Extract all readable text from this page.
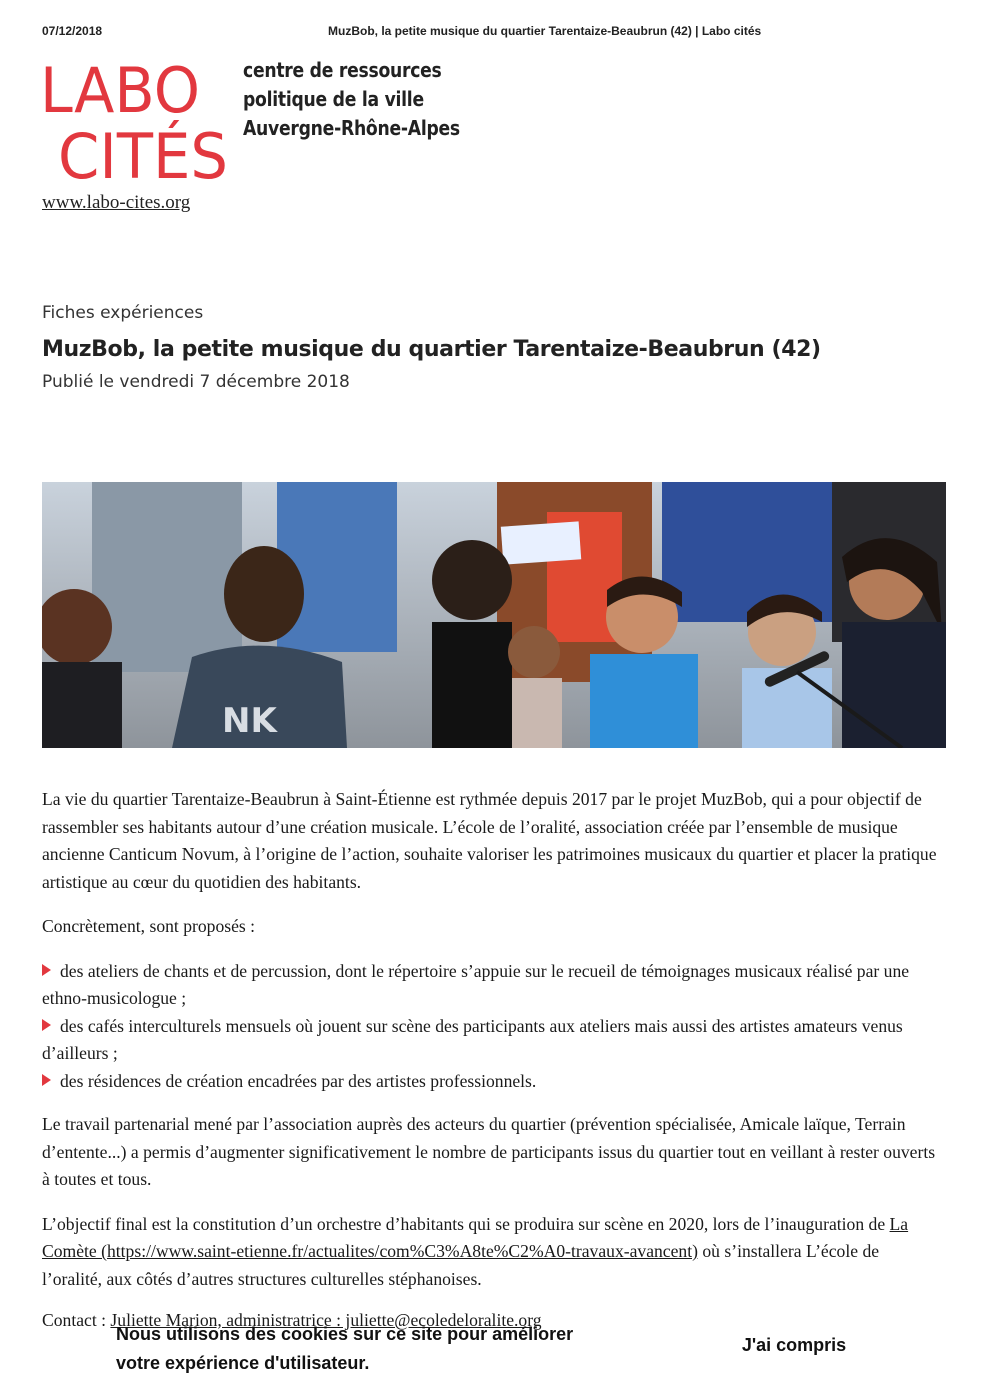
07/12/2018	MuzBob, la petite musique du quartier Tarentaize-Beaubrun (42) | Labo cités
LABO
CITÉS
centre de ressources
politique de la ville
Auvergne-Rhône-Alpes
www.labo-cites.org
Fiches expériences
MuzBob, la petite musique du quartier Tarentaize-Beaubrun (42)
Publié le vendredi 7 décembre 2018
NK

La vie du quartier Tarentaize-Beaubrun à Saint-Étienne est rythmée depuis 2017 par le projet MuzBob, qui a pour objectif de rassembler ses habitants autour d’une création musicale. L’école de l’oralité, association créée par l’ensemble de musique ancienne Canticum Novum, à l’origine de l’action, souhaite valoriser les patrimoines musicaux du quartier et placer la pratique artistique au cœur du quotidien des habitants.

Concrètement, sont proposés :

des ateliers de chants et de percussion, dont le répertoire s’appuie sur le recueil de témoignages musicaux réalisé par une ethno-musicologue ;
des cafés interculturels mensuels où jouent sur scène des participants aux ateliers mais aussi des artistes amateurs venus d’ailleurs ;
des résidences de création encadrées par des artistes professionnels.

Le travail partenarial mené par l’association auprès des acteurs du quartier (prévention spécialisée, Amicale laïque, Terrain d’entente...) a permis d’augmenter significativement le nombre de participants issus du quartier tout en veillant à rester ouverts à toutes et tous.

L’objectif final est la constitution d’un orchestre d’habitants qui se produira sur scène en 2020, lors de l’inauguration de La Comète (https://www.saint-etienne.fr/actualites/com%C3%A8te%C2%A0-travaux-avancent) où s’installera L’école de l’oralité, aux côtés d’autres structures culturelles stéphanoises.

Contact : Juliette Marion, administratrice : juliette@ecoledeloralite.org
Nous utilisons des cookies sur ce site pour améliorer
votre expérience d'utilisateur.
J'ai compris
